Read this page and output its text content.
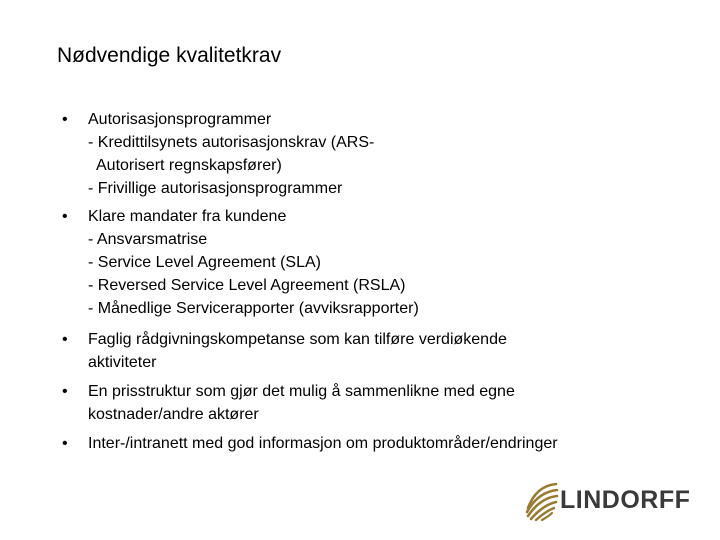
Nødvendige kvalitetkrav
• Autorisasjonsprogrammer
- Kredittilsynets autorisasjonskrav (ARS-
Autorisert regnskapsfører)
- Frivillige autorisasjonsprogrammer
• Klare mandater fra kundene
- Ansvarsmatrise
- Service Level Agreement (SLA)
- Reversed Service Level Agreement (RSLA)
- Månedlige Servicerapporter (avviksrapporter)
• Faglig rådgivningskompetanse som kan tilføre verdiøkende
aktiviteter
• En prisstruktur som gjør det mulig å sammenlikne med egne
kostnader/andre aktører
• Inter-/intranett med god informasjon om produktområder/endringer
LINDORFF
